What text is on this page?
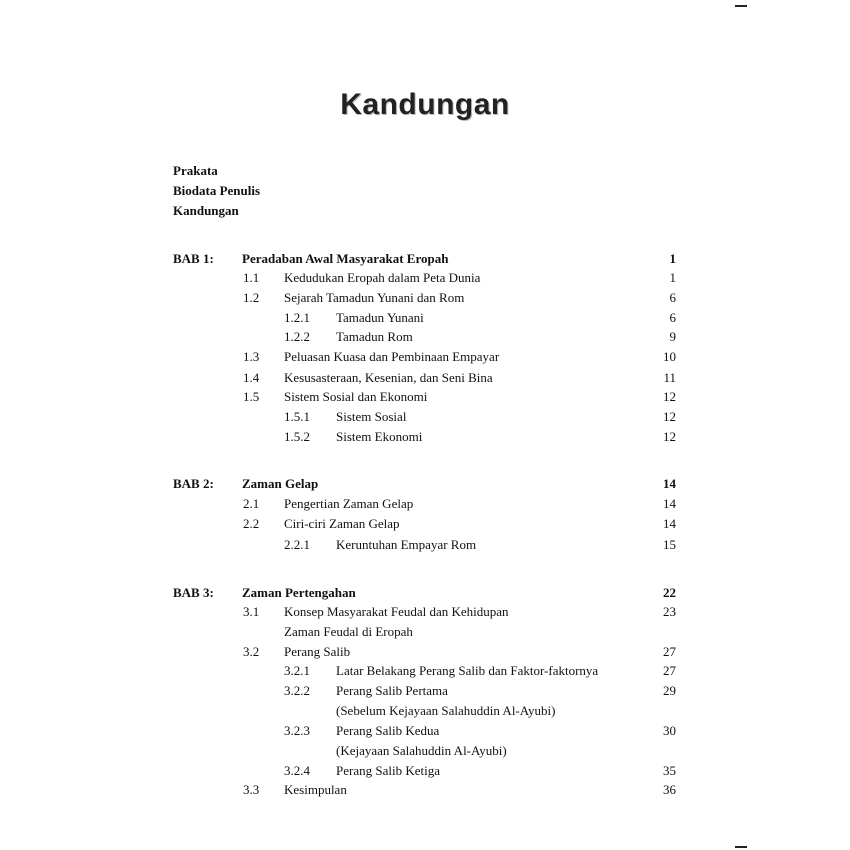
Kandungan
Prakata
Biodata Penulis
Kandungan
BAB 1: Peradaban Awal Masyarakat Eropah	1
1.1 Kedudukan Eropah dalam Peta Dunia	1
1.2 Sejarah Tamadun Yunani dan Rom	6
1.2.1 Tamadun Yunani	6
1.2.2 Tamadun Rom	9
1.3 Peluasan Kuasa dan Pembinaan Empayar	10
1.4 Kesusasteraan, Kesenian, dan Seni Bina	11
1.5 Sistem Sosial dan Ekonomi	12
1.5.1 Sistem Sosial	12
1.5.2 Sistem Ekonomi	12
BAB 2: Zaman Gelap	14
2.1 Pengertian Zaman Gelap	14
2.2 Ciri-ciri Zaman Gelap	14
2.2.1 Keruntuhan Empayar Rom	15
BAB 3: Zaman Pertengahan	22
3.1 Konsep Masyarakat Feudal dan Kehidupan	23
Zaman Feudal di Eropah
3.2 Perang Salib	27
3.2.1 Latar Belakang Perang Salib dan Faktor-faktornya	27
3.2.2 Perang Salib Pertama	29
(Sebelum Kejayaan Salahuddin Al-Ayubi)
3.2.3 Perang Salib Kedua	30
(Kejayaan Salahuddin Al-Ayubi)
3.2.4 Perang Salib Ketiga	35
3.3 Kesimpulan	36
